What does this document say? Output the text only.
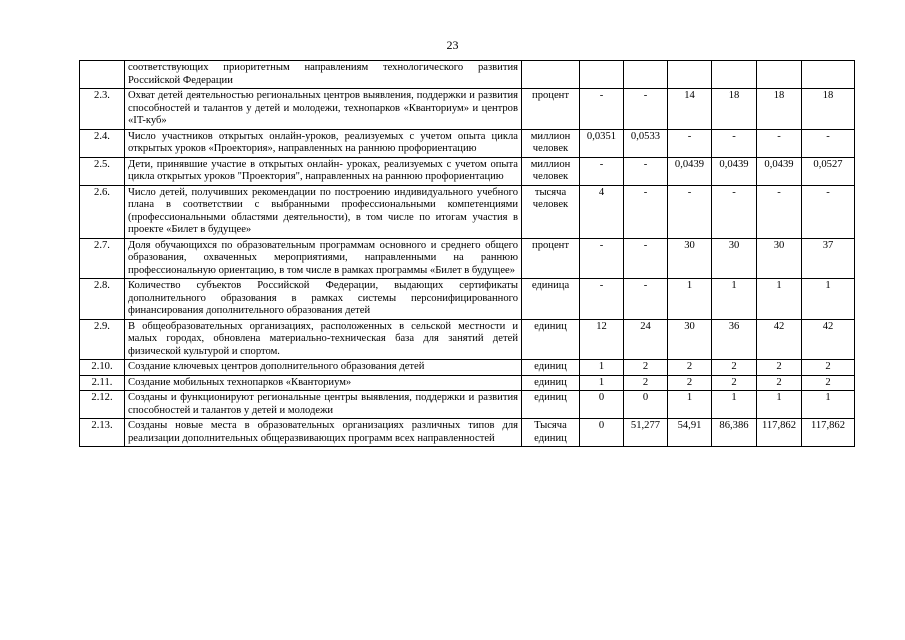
23
	соответствующих приоритетным направлениям технологического развития Российской Федерации							
2.3.	Охват детей деятельностью региональных центров выявления, поддержки и развития способностей и талантов у детей и молодежи, технопарков «Кванториум» и центров «IT-куб»	процент	-	-	14	18	18	18
2.4.	Число участников открытых онлайн-уроков, реализуемых с учетом опыта цикла открытых уроков «Проектория», направленных на раннюю профориентацию	миллион человек	0,0351	0,0533	-	-	-	-
2.5.	Дети, принявшие участие в открытых онлайн- уроках, реализуемых с учетом опыта цикла открытых уроков "Проектория", направленных на раннюю профориентацию	миллион человек	-	-	0,0439	0,0439	0,0439	0,0527
2.6.	Число детей, получивших рекомендации по построению индивидуального учебного плана в соответствии с выбранными профессиональными компетенциями (профессиональными областями деятельности), в том числе по итогам участия в проекте «Билет в будущее»	тысяча человек	4	-	-	-	-	-
2.7.	Доля обучающихся по образовательным программам основного и среднего общего образования, охваченных мероприятиями, направленными на раннюю профессиональную ориентацию, в том числе в рамках программы «Билет в будущее»	процент	-	-	30	30	30	37
2.8.	Количество субъектов Российской Федерации, выдающих сертификаты дополнительного образования в рамках системы персонифицированного финансирования дополнительного образования детей	единица	-	-	1	1	1	1
2.9.	В общеобразовательных организациях, расположенных в сельской местности и малых городах, обновлена материально-техническая база для занятий детей физической культурой и спортом.	единиц	12	24	30	36	42	42
2.10.	Создание ключевых центров дополнительного образования детей	единиц	1	2	2	2	2	2
2.11.	Создание мобильных технопарков «Кванториум»	единиц	1	2	2	2	2	2
2.12.	Созданы и функционируют региональные центры выявления, поддержки и развития способностей и талантов у детей и молодежи	единиц	0	0	1	1	1	1
2.13.	Созданы новые места в образовательных организациях различных типов для реализации дополнительных общеразвивающих программ всех направленностей	Тысяча единиц	0	51,277	54,91	86,386	117,862	117,862
